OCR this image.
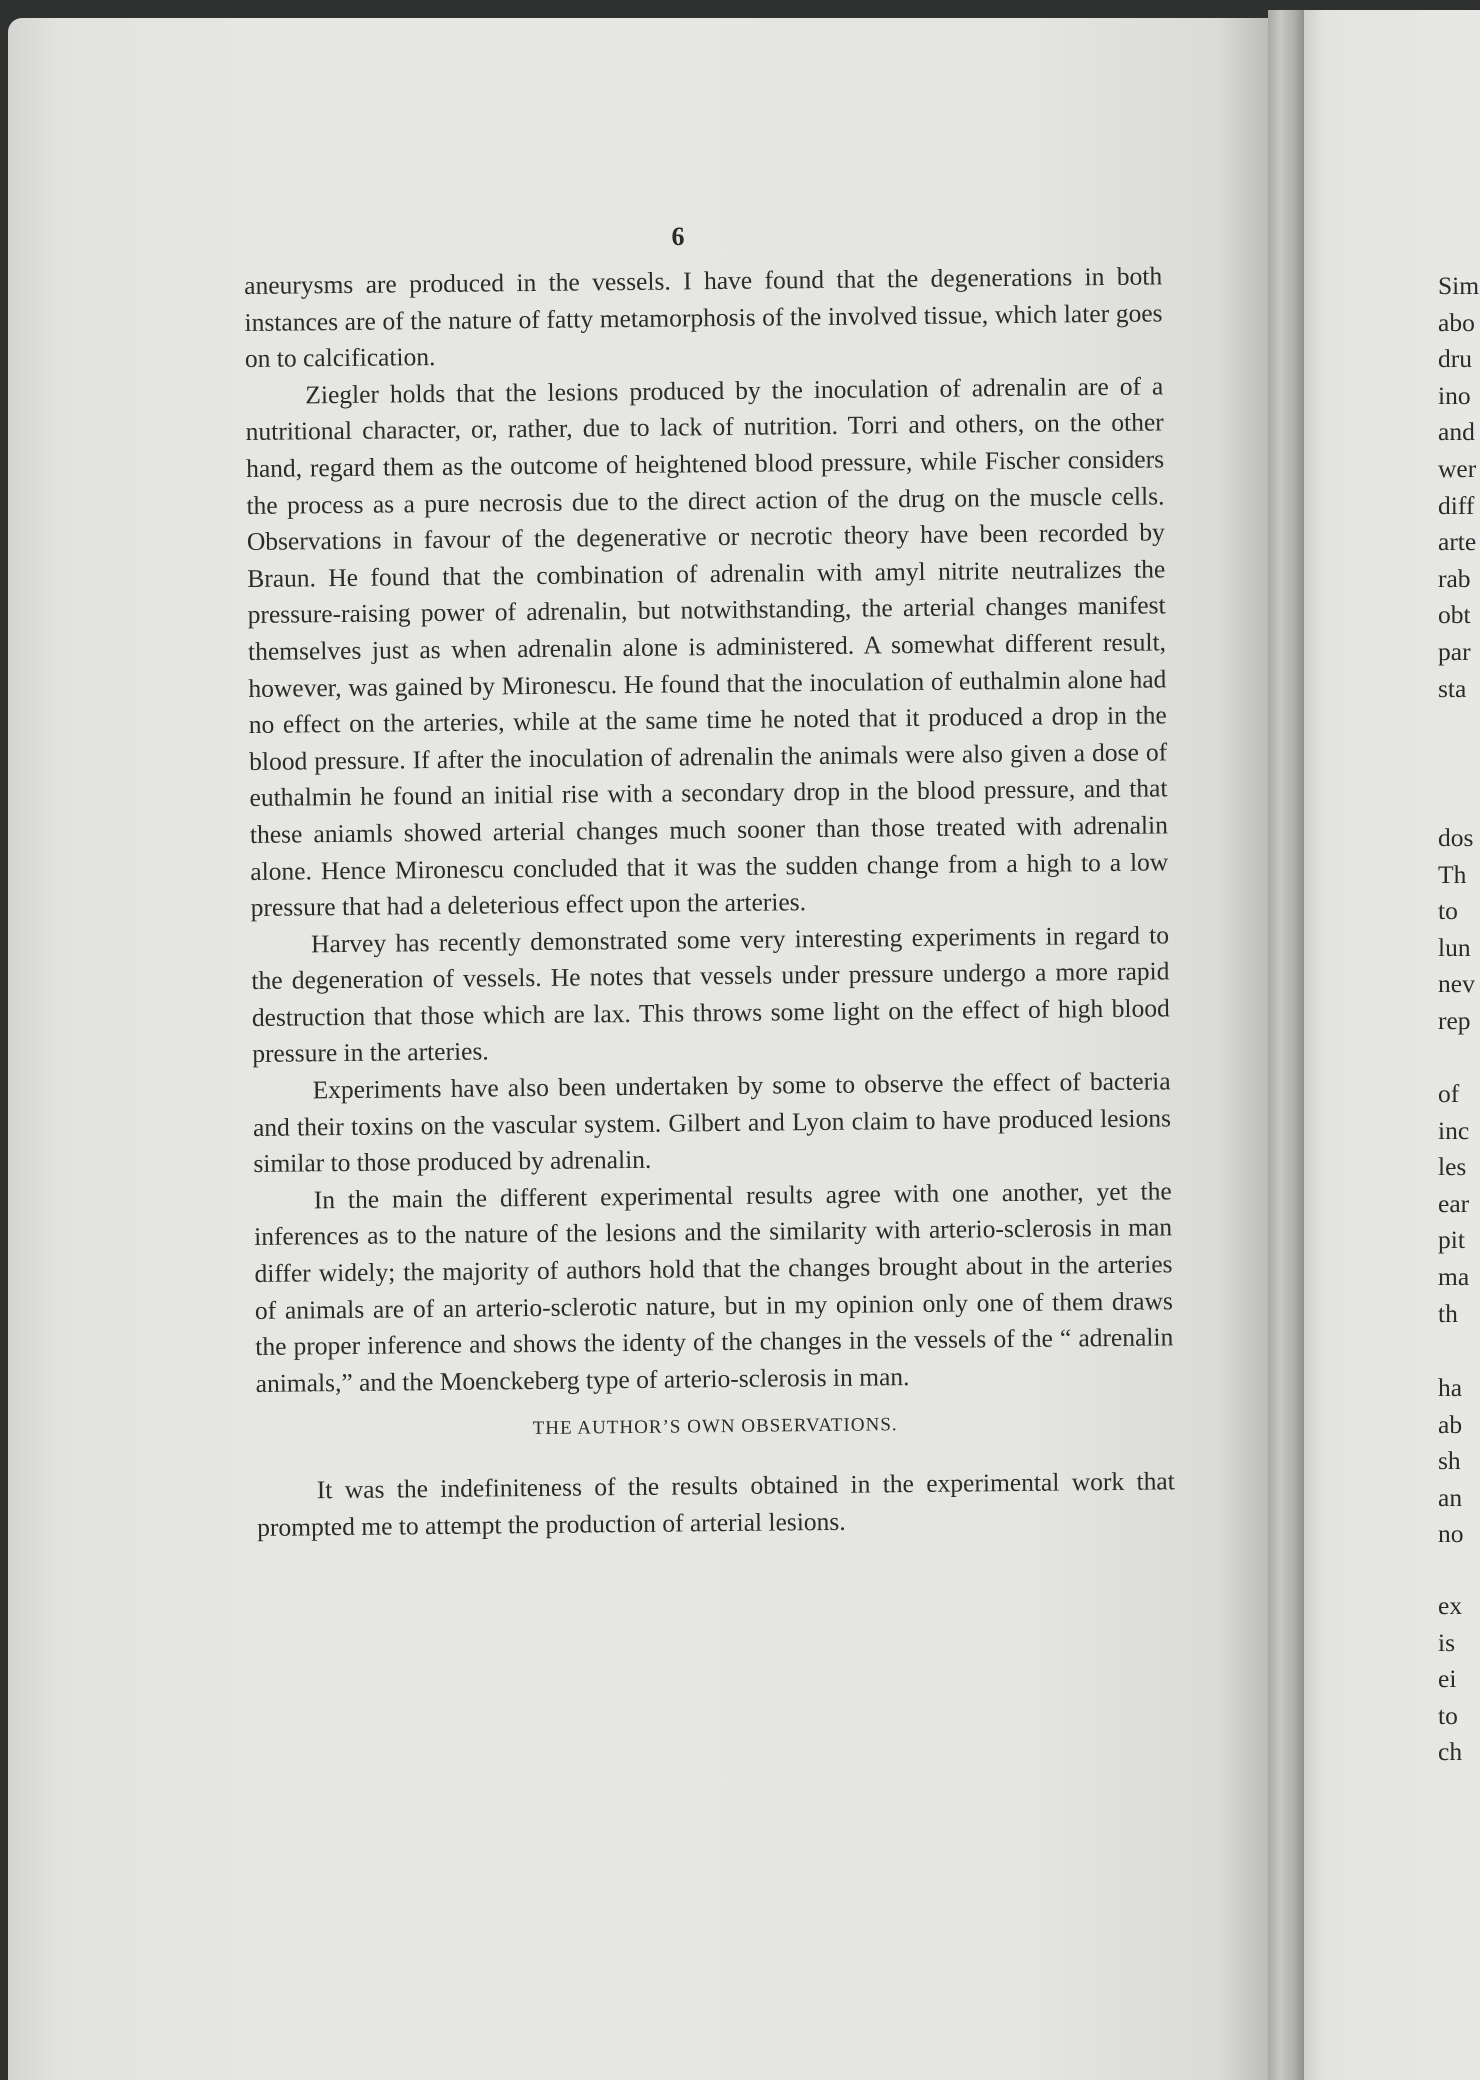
6

aneurysms are produced in the vessels. I have found that the degenerations in both instances are of the nature of fatty metamorphosis of the involved tissue, which later goes on to calcification.

Ziegler holds that the lesions produced by the inoculation of adrenalin are of a nutritional character, or, rather, due to lack of nutrition. Torri and others, on the other hand, regard them as the outcome of heightened blood pressure, while Fischer considers the process as a pure necrosis due to the direct action of the drug on the muscle cells. Observations in favour of the degenerative or necrotic theory have been recorded by Braun. He found that the combination of adrenalin with amyl nitrite neutralizes the pressure-raising power of adrenalin, but notwithstanding, the arterial changes manifest themselves just as when adrenalin alone is administered. A somewhat different result, however, was gained by Mironescu. He found that the inoculation of euthalmin alone had no effect on the arteries, while at the same time he noted that it produced a drop in the blood pressure. If after the inoculation of adrenalin the animals were also given a dose of euthalmin he found an initial rise with a secondary drop in the blood pressure, and that these aniamls showed arterial changes much sooner than those treated with adrenalin alone. Hence Mironescu concluded that it was the sudden change from a high to a low pressure that had a deleterious effect upon the arteries.

Harvey has recently demonstrated some very interesting experiments in regard to the degeneration of vessels. He notes that vessels under pressure undergo a more rapid destruction that those which are lax. This throws some light on the effect of high blood pressure in the arteries.

Experiments have also been undertaken by some to observe the effect of bacteria and their toxins on the vascular system. Gilbert and Lyon claim to have produced lesions similar to those produced by adrenalin.

In the main the different experimental results agree with one another, yet the inferences as to the nature of the lesions and the similarity with arterio-sclerosis in man differ widely; the majority of authors hold that the changes brought about in the arteries of animals are of an arterio-sclerotic nature, but in my opinion only one of them draws the proper inference and shows the identy of the changes in the vessels of the “ adrenalin animals,” and the Moenckeberg type of arterio-sclerosis in man.

THE AUTHOR’S OWN OBSERVATIONS.

It was the indefiniteness of the results obtained in the experimental work that prompted me to attempt the production of arterial lesions.

Sim
abo
dru
ino
and
wer
diff
arte
rab
obt
par
sta
dos
Th
to
lun
nev
rep
of
inc
les
ear
pit
ma
th
ha
ab
sh
an
no
ex
is
ei
to
ch
